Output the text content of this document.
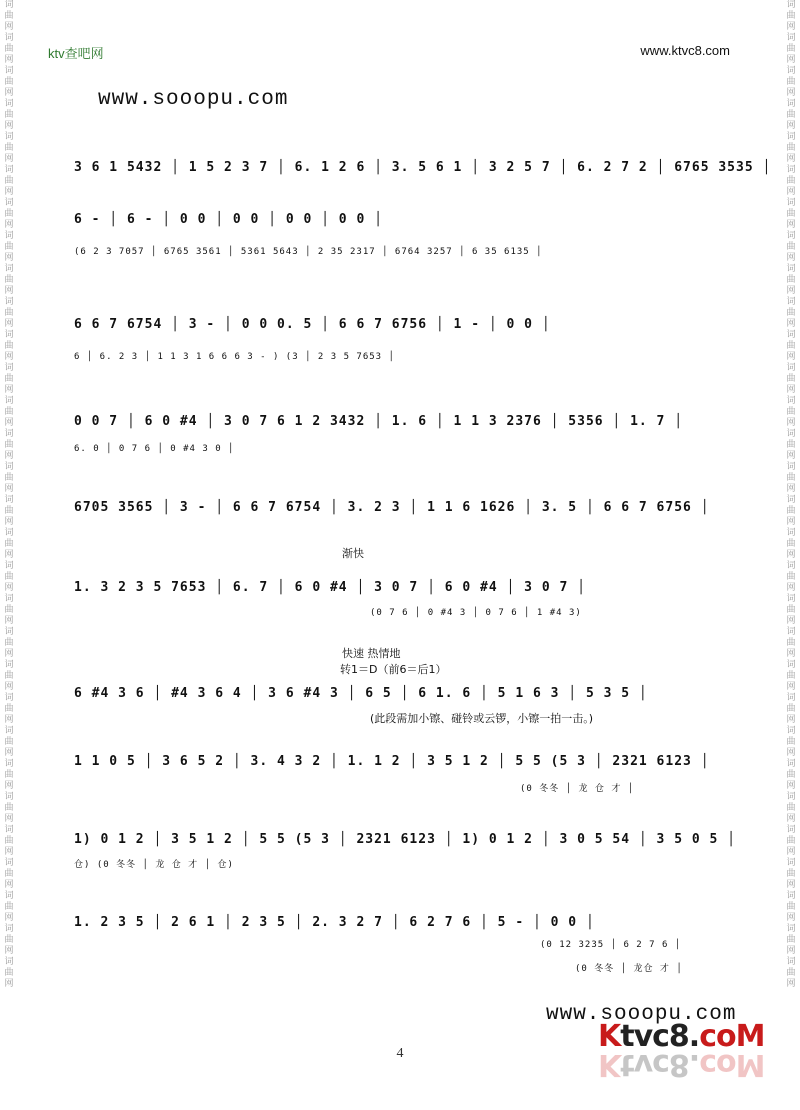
词
曲
网
词
曲
网
词
曲
网
词
曲
网
词
曲
网
词
曲
网
词
曲
网
词
曲
网
词
曲
网
词
曲
网
词
曲
网
词
曲
网
词
曲
网
词
曲
网
词
曲
网
词
曲
网
词
曲
网
词
曲
网
词
曲
网
词
曲
网
词
曲
网
词
曲
网
词
曲
网
词
曲
网
词
曲
网
词
曲
网
词
曲
网
词
曲
网
词
曲
网
词
曲
网
词
曲
网
词
曲
网
词
曲
网
词
曲
网
词
曲
网
词
曲
网
词
曲
网
词
曲
网
词
曲
网
词
曲
网
词
曲
网
词
曲
网
词
曲
网
词
曲
网
词
曲
网
词
曲
网
词
曲
网
词
曲
网
词
曲
网
词
曲
网
词
曲
网
词
曲
网
词
曲
网
词
曲
网
词
曲
网
词
曲
网
词
曲
网
词
曲
网
词
曲
网
词
曲
网
ktv查吧网	www.ktvc8.com
www.sooopu.com
3 6 1 5432 │ 1 5 2 3 7 │ 6. 1 2 6 │ 3. 5 6 1 │ 3 2 5 7 │ 6. 2 7 2 │ 6765 3535 │
6 - │ 6 - │ 0 0 │ 0 0 │ 0 0 │ 0 0 │
(6 2 3 7057 │ 6765 3561 │ 5361 5643 │ 2 35 2317 │ 6764 3257 │ 6 35 6135 │
6 6 7 6754 │ 3 - │ 0 0 0. 5 │ 6 6 7 6756 │ 1 - │ 0 0 │
6 │ 6. 2 3 │ 1 1 3 1 6 6 6 3 - ) (3 │ 2 3 5 7653 │
0 0 7 │ 6 0 #4 │ 3 0 7 6 1 2 3432 │ 1. 6 │ 1 1 3 2376 │ 5356 │ 1. 7 │
6. 0 │ 0 7 6 │ 0 #4 3 0 │
6705 3565 │ 3 - │ 6 6 7 6754 │ 3. 2 3 │ 1 1 6 1626 │ 3. 5 │ 6 6 7 6756 │
渐快
1. 3 2 3 5 7653 │ 6. 7 │ 6 0 #4 │ 3 0 7 │ 6 0 #4 │ 3 0 7 │
(0 7 6 │ 0 #4 3 │ 0 7 6 │ 1 #4 3)
快速 热情地
转1＝D（前6＝后1）
6 #4 3 6 │ #4 3 6 4 │ 3 6 #4 3 │ 6 5 │ 6 1. 6 │ 5 1 6 3 │ 5 3 5 │
(此段需加小镲、碰铃或云锣，小镲一拍一击。)
1 1 0 5 │ 3 6 5 2 │ 3. 4 3 2 │ 1. 1 2 │ 3 5 1 2 │ 5 5 (5 3 │ 2321 6123 │
(0 冬冬 │ 龙 仓 才 │
1) 0 1 2 │ 3 5 1 2 │ 5 5 (5 3 │ 2321 6123 │ 1) 0 1 2 │ 3 0 5 54 │ 3 5 0 5 │
仓) (0 冬冬 │ 龙 仓 才 │ 仓)
1. 2 3 5 │ 2 6 1 │ 2 3 5 │ 2. 3 2 7 │ 6 2 7 6 │ 5 - │ 0 0 │
(0 12 3235 │ 6 2 7 6 │
(0 冬冬 │ 龙仓 才 │
www.sooopu.com
Ktvc8.coM
Ktvc8.coM
4
